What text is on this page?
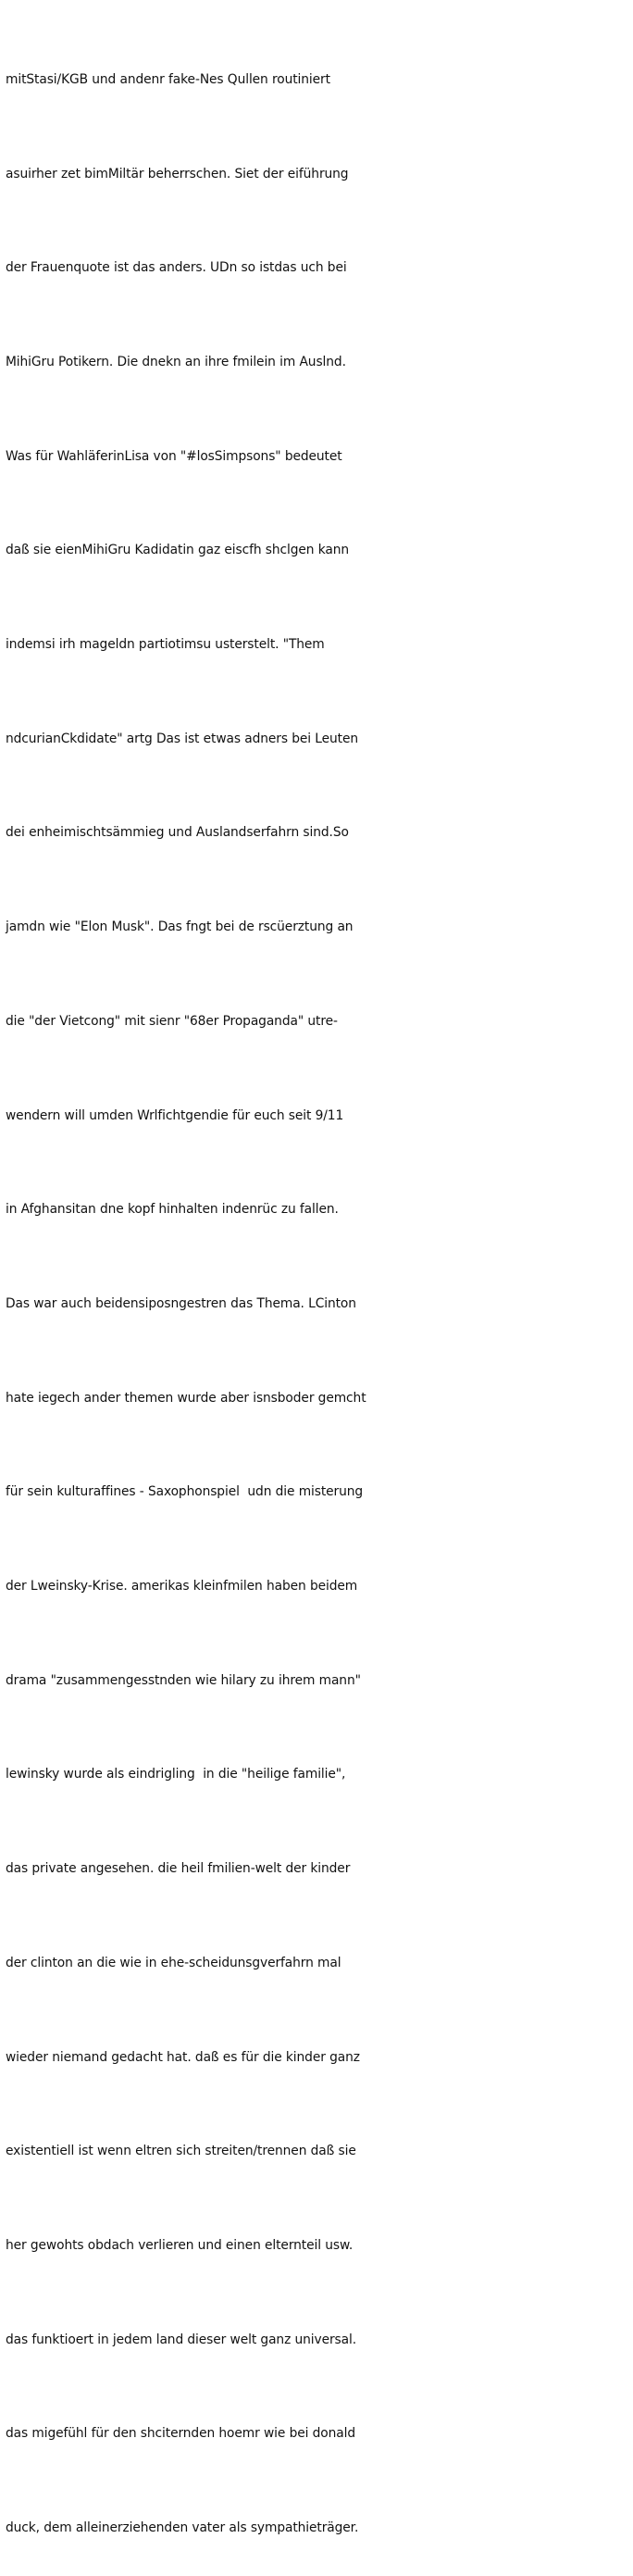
mitStasi/KGB und andenr fake-Nes Qullen routiniert

asuirher zet bimMiltär beherrschen. Siet der eiführung

der Frauenquote ist das anders. UDn so istdas uch bei

MihiGru Potikern. Die dnekn an ihre fmilein im Auslnd.

Was für WahläferinLisa von "#losSimpsons" bedeutet

daß sie eienMihiGru Kadidatin gaz eiscfh shclgen kann

indemsi irh mageldn partiotimsu usterstelt. "Them

ndcurianCkdidate" artg Das ist etwas adners bei Leuten

dei enheimischtsämmieg und Auslandserfahrn sind.So

jamdn wie "Elon Musk". Das fngt bei de rscüerztung an

die "der Vietcong" mit sienr "68er Propaganda" utre-

wendern will umden Wrlfichtgendie für euch seit 9/11

in Afghansitan dne kopf hinhalten indenrüc zu fallen.

Das war auch beidensiposngestren das Thema. LCinton

hate iegech ander themen wurde aber isnsboder gemcht

für sein kulturaffines - Saxophonspiel  udn die misterung

der Lweinsky-Krise. amerikas kleinfmilen haben beidem

drama "zusammengesstnden wie hilary zu ihrem mann"

lewinsky wurde als eindrigling  in die "heilige familie",

das private angesehen. die heil fmilien-welt der kinder

der clinton an die wie in ehe-scheidunsgverfahrn mal

wieder niemand gedacht hat. daß es für die kinder ganz

existentiell ist wenn eltren sich streiten/trennen daß sie

her gewohts obdach verlieren und einen elternteil usw.

das funktioert in jedem land dieser welt ganz universal.

das migefühl für den shciternden hoemr wie bei donald

duck, dem alleinerziehenden vater als sympathieträger.
